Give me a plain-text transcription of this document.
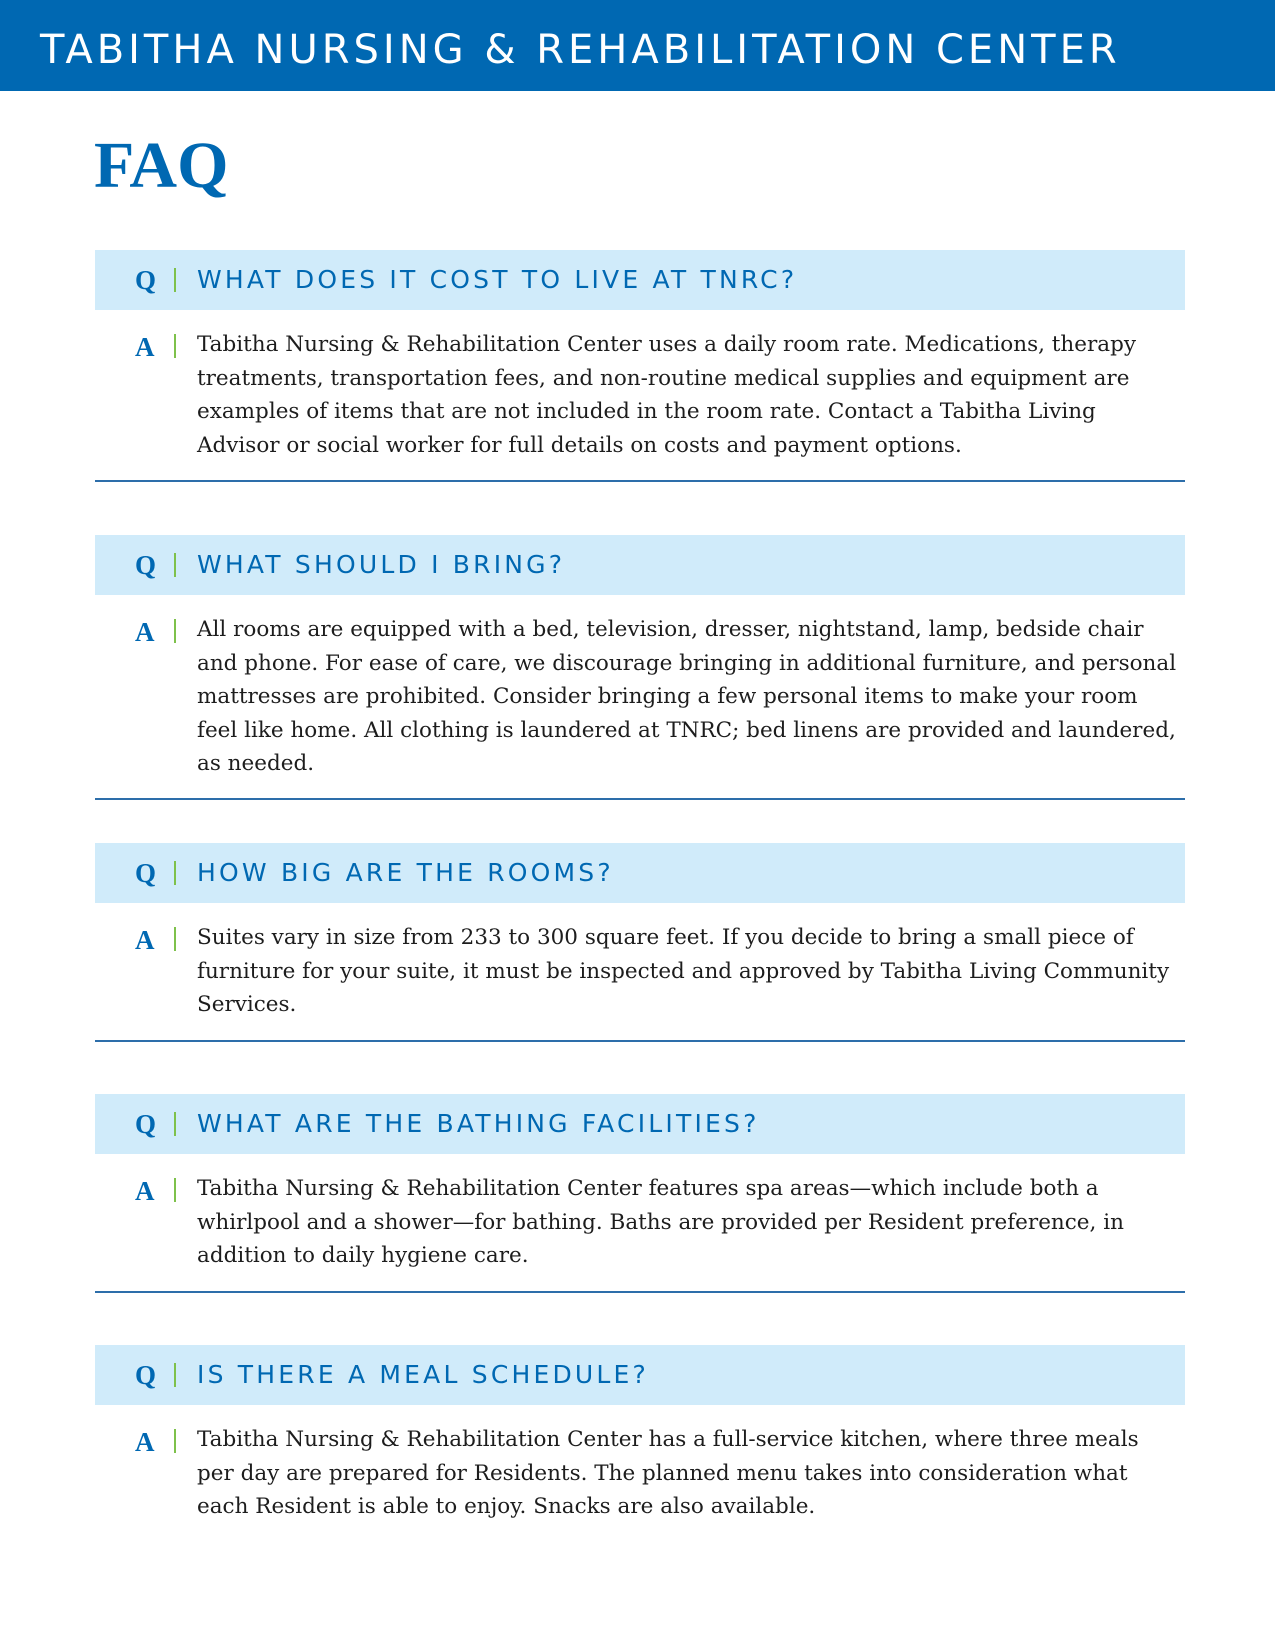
TABITHA NURSING & REHABILITATION CENTER
FAQ
Q WHAT DOES IT COST TO LIVE AT TNRC?
A Tabitha Nursing & Rehabilitation Center uses a daily room rate. Medications, therapy treatments, transportation fees, and non-routine medical supplies and equipment are examples of items that are not included in the room rate. Contact a Tabitha Living Advisor or social worker for full details on costs and payment options.

Q WHAT SHOULD I BRING?
A All rooms are equipped with a bed, television, dresser, nightstand, lamp, bedside chair and phone. For ease of care, we discourage bringing in additional furniture, and personal mattresses are prohibited. Consider bringing a few personal items to make your room feel like home. All clothing is laundered at TNRC; bed linens are provided and laundered, as needed.

Q HOW BIG ARE THE ROOMS?
A Suites vary in size from 233 to 300 square feet. If you decide to bring a small piece of furniture for your suite, it must be inspected and approved by Tabitha Living Community Services.

Q WHAT ARE THE BATHING FACILITIES?
A Tabitha Nursing & Rehabilitation Center features spa areas—which include both a whirlpool and a shower—for bathing. Baths are provided per Resident preference, in addition to daily hygiene care.

Q IS THERE A MEAL SCHEDULE?
A Tabitha Nursing & Rehabilitation Center has a full-service kitchen, where three meals per day are prepared for Residents. The planned menu takes into consideration what each Resident is able to enjoy. Snacks are also available.
